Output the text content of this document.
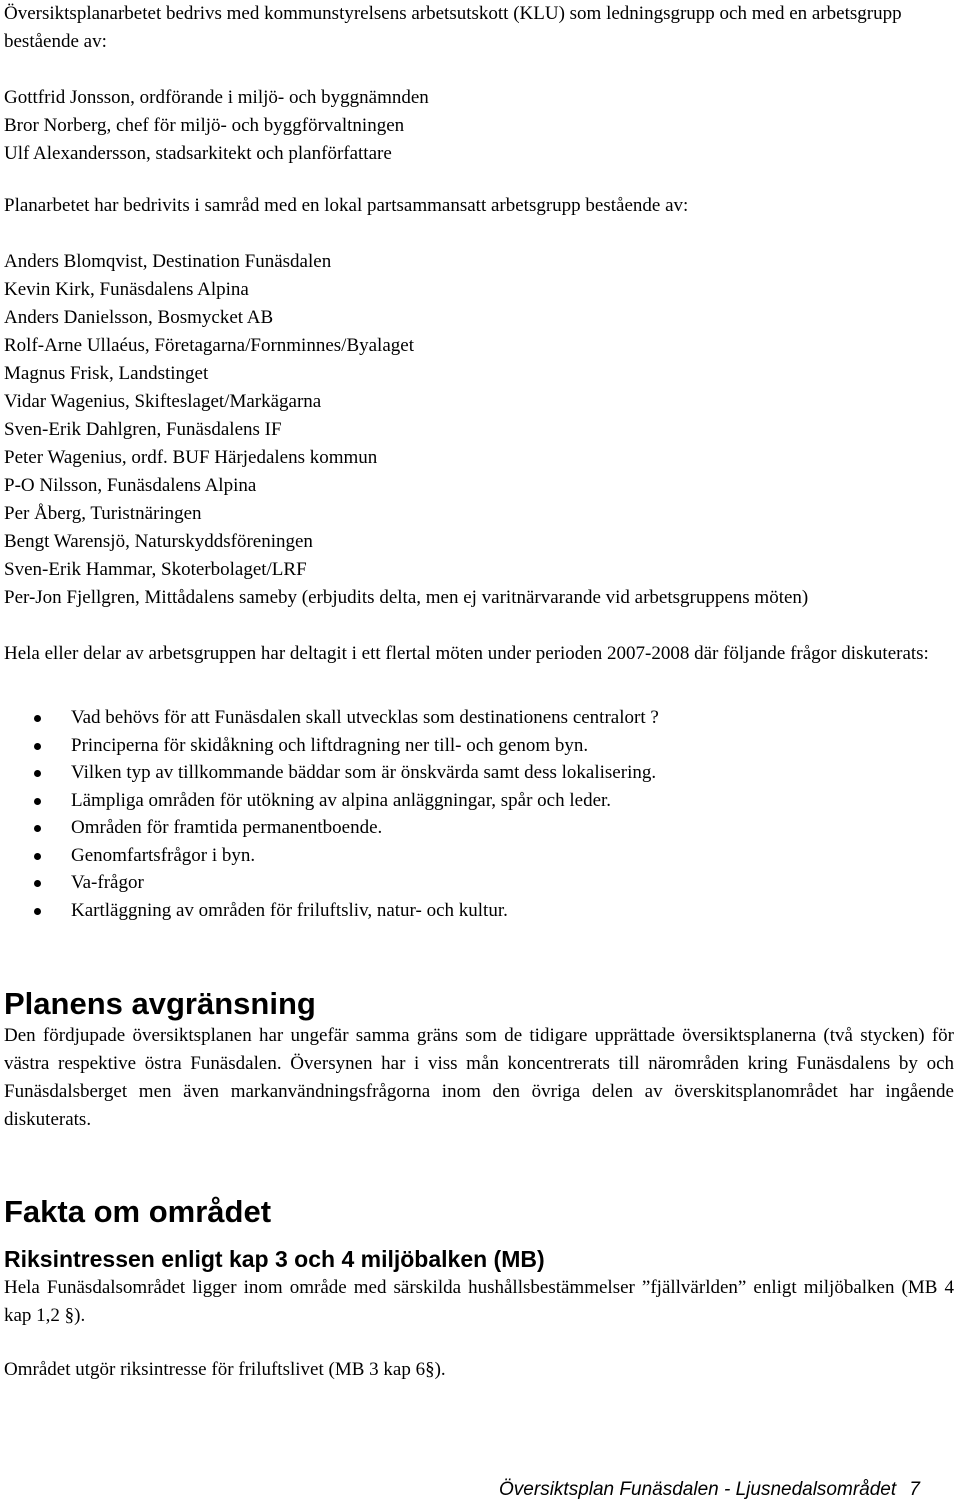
Översiktsplanarbetet bedrivs med kommunstyrelsens arbetsutskott (KLU) som ledningsgrupp och med en arbetsgrupp bestående av:

Gottfrid Jonsson, ordförande i miljö- och byggnämnden

Bror Norberg, chef för miljö- och byggförvaltningen

Ulf Alexandersson, stadsarkitekt och planförfattare

Planarbetet har bedrivits i samråd med en lokal partsammansatt arbetsgrupp bestående av:

Anders Blomqvist, Destination Funäsdalen

Kevin Kirk, Funäsdalens Alpina

Anders Danielsson, Bosmycket AB

Rolf-Arne Ullaéus, Företagarna/Fornminnes/Byalaget

Magnus Frisk, Landstinget

Vidar Wagenius, Skifteslaget/Markägarna

Sven-Erik Dahlgren, Funäsdalens IF

Peter Wagenius, ordf. BUF Härjedalens kommun

P-O Nilsson, Funäsdalens Alpina

Per Åberg, Turistnäringen

Bengt Warensjö, Naturskyddsföreningen

Sven-Erik Hammar, Skoterbolaget/LRF

Per-Jon Fjellgren, Mittådalens sameby (erbjudits delta, men ej varitnärvarande vid arbetsgruppens möten)

Hela eller delar av arbetsgruppen har deltagit i ett flertal möten under perioden 2007-2008 där följande frågor diskuterats:

Vad behövs för att Funäsdalen skall utvecklas som destinationens centralort ?
Principerna för skidåkning och liftdragning ner till- och genom byn.
Vilken typ av tillkommande bäddar som är önskvärda samt dess lokalisering.
Lämpliga områden för utökning av alpina anläggningar, spår och leder.
Områden för framtida permanentboende.
Genomfartsfrågor i byn.
Va-frågor
Kartläggning av områden för friluftsliv, natur- och kultur.
Planens avgränsning

Den fördjupade översiktsplanen har ungefär samma gräns som de tidigare upprättade översiktsplanerna (två stycken) för västra respektive östra Funäsdalen. Översynen har i viss mån koncentrerats till närområden kring Funäsdalens by och Funäsdalsberget men även markanvändningsfrågorna inom den övriga delen av överskitsplanområdet har ingående diskuterats.

Fakta om området
Riksintressen enligt kap 3 och 4 miljöbalken (MB)

Hela Funäsdalsområdet ligger inom område med särskilda hushållsbestämmelser ”fjällvärlden” enligt miljöbalken (MB 4 kap 1,2 §).

Området utgör riksintresse för friluftslivet (MB 3 kap 6§).

Översiktsplan Funäsdalen - Ljusnedalsområdet 7
